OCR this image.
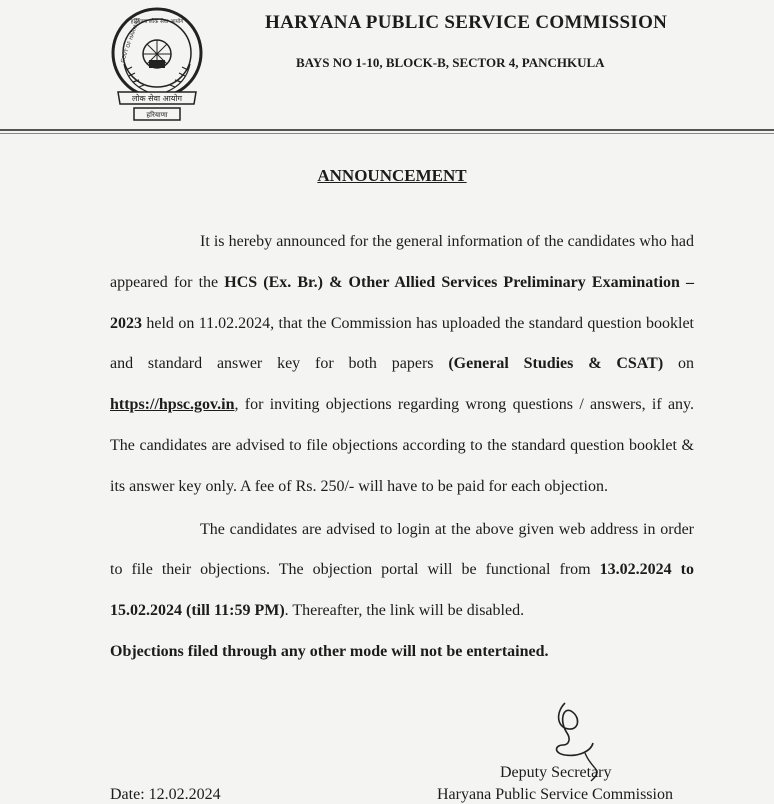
लोक सेवा आयोग
हरियाणा
हरियाणा लोक सेवा आयोग
GOVT OF HARYANA	HARYANA PUBLIC SERVICE COMMISSION
BAYS NO 1-10, BLOCK-B, SECTOR 4, PANCHKULA
ANNOUNCEMENT

It is hereby announced for the general information of the candidates who had appeared for the HCS (Ex. Br.) & Other Allied Services Preliminary Examination – 2023 held on 11.02.2024, that the Commission has uploaded the standard question booklet and standard answer key for both papers (General Studies & CSAT) on https://hpsc.gov.in, for inviting objections regarding wrong questions / answers, if any. The candidates are advised to file objections according to the standard question booklet & its answer key only. A fee of Rs. 250/- will have to be paid for each objection.

The candidates are advised to login at the above given web address in order to file their objections. The objection portal will be functional from 13.02.2024 to 15.02.2024 (till 11:59 PM). Thereafter, the link will be disabled.

Objections filed through any other mode will not be entertained.

Deputy Secretary
Haryana Public Service Commission
Date: 12.02.2024
